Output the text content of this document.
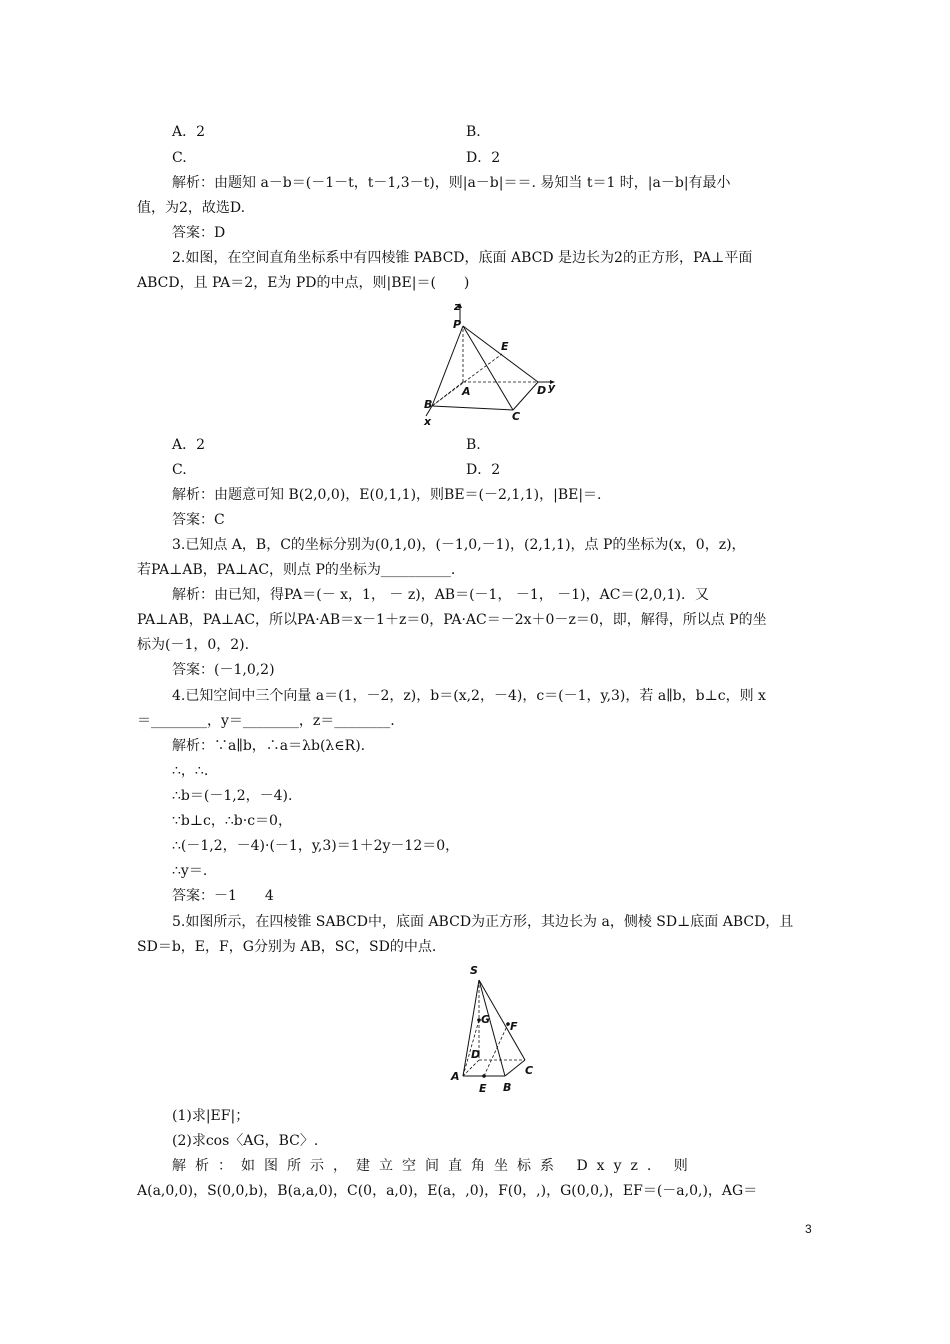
A．2	B.
C.	D．2
解析：由题知 a－b＝(－1－t，t－1,3－t)，则|a－b|＝＝. 易知当 t＝1 时，|a－b|有最小
值，为2，故选D.
答案：D
2.如图，在空间直角坐标系中有四棱锥 PABCD，底面 ABCD 是边长为2的正方形，PA⊥平面
ABCD，且 PA＝2，E为 PD的中点，则|BE|＝(　　)
z
P
E
A	D y
B
C
x
A．2	B.
C.	D．2
解析：由题意可知 B(2,0,0)，E(0,1,1)，则BE＝(－2,1,1)，|BE|＝.
答案：C
3.已知点 A，B，C的坐标分别为(0,1,0)，(－1,0,－1)，(2,1,1)，点 P的坐标为(x，0，z)，
若PA⊥AB，PA⊥AC，则点 P的坐标为__________.
解析：由已知，得PA＝(－ x，1， － z)，AB＝(－1， －1， －1)，AC＝(2,0,1)．又
PA⊥AB，PA⊥AC，所以PA·AB＝x－1＋z＝0，PA·AC＝－2x＋0－z＝0，即，解得，所以点 P的坐
标为(－1，0，2).
答案：(－1,0,2)
4.已知空间中三个向量 a＝(1，－2，z)，b＝(x,2，－4)，c＝(－1，y,3)，若 a∥b，b⊥c，则 x
＝________，y＝________，z＝________.
解析：∵a∥b，∴a＝λb(λ∈R).
∴，∴.
∴b＝(－1,2，－4).
∵b⊥c，∴b·c＝0，
∴(－1,2，－4)·(－1，y,3)＝1＋2y－12＝0，
∴y＝.
答案：－1　　4
5.如图所示，在四棱锥 SABCD中，底面 ABCD为正方形，其边长为 a，侧棱 SD⊥底面 ABCD，且
SD＝b，E，F，G分别为 AB，SC，SD的中点.
S
G
F
D
A	C
E B
(1)求|EF|；
(2)求cos〈AG，BC〉.
解析：如图所示，建立空间直角坐标系 Dxyz. 则
A(a,0,0)，S(0,0,b)，B(a,a,0)，C(0，a,0)，E(a，,0)，F(0，,)，G(0,0,)，EF＝(－a,0,)，AG＝
3
